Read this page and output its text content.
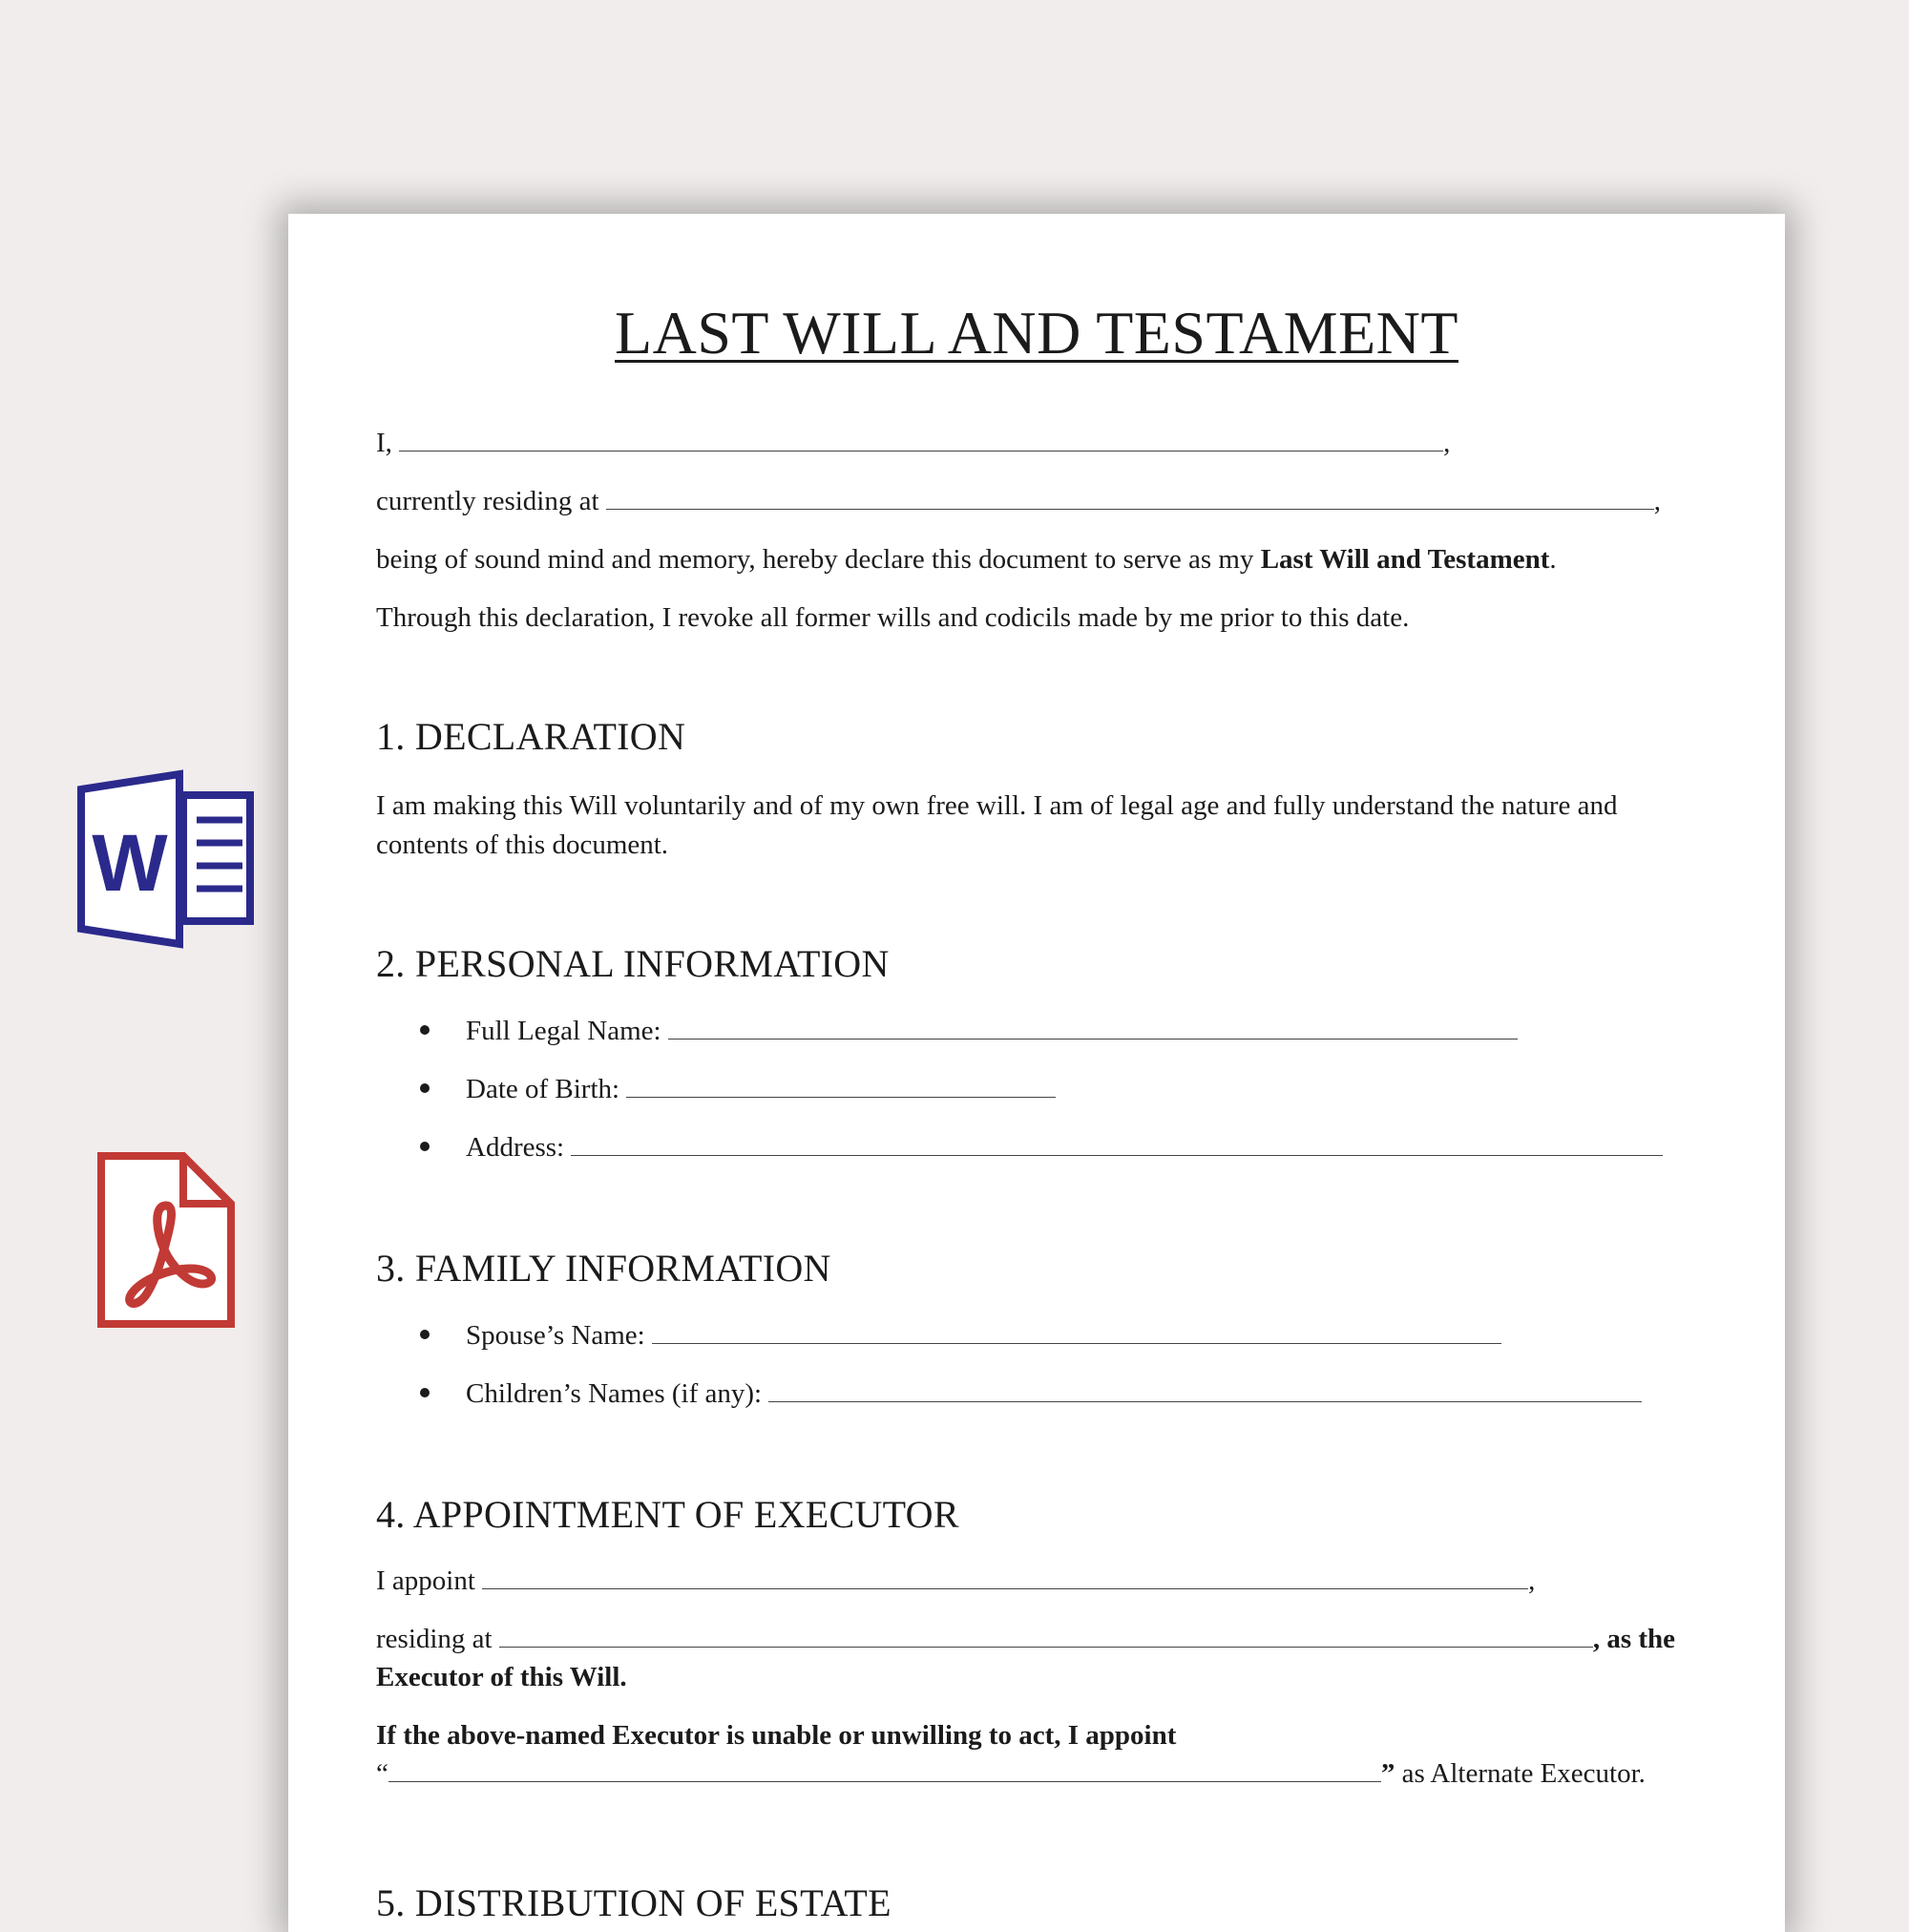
W
LAST WILL AND TESTAMENT
I,	,
currently residing at	,
being of sound mind and memory, hereby declare this document to serve as my Last Will and Testament.
Through this declaration, I revoke all former wills and codicils made by me prior to this date.
1. DECLARATION
I am making this Will voluntarily and of my own free will. I am of legal age and fully understand the nature and contents of this document.
2. PERSONAL INFORMATION
Full Legal Name:
Date of Birth:
Address:
3. FAMILY INFORMATION
Spouse’s Name:
Children’s Names (if any):
4. APPOINTMENT OF EXECUTOR
I appoint	,
residing at	, as the
Executor of this Will.
If the above-named Executor is unable or unwilling to act, I appoint
“	” as Alternate Executor.
5. DISTRIBUTION OF ESTATE
